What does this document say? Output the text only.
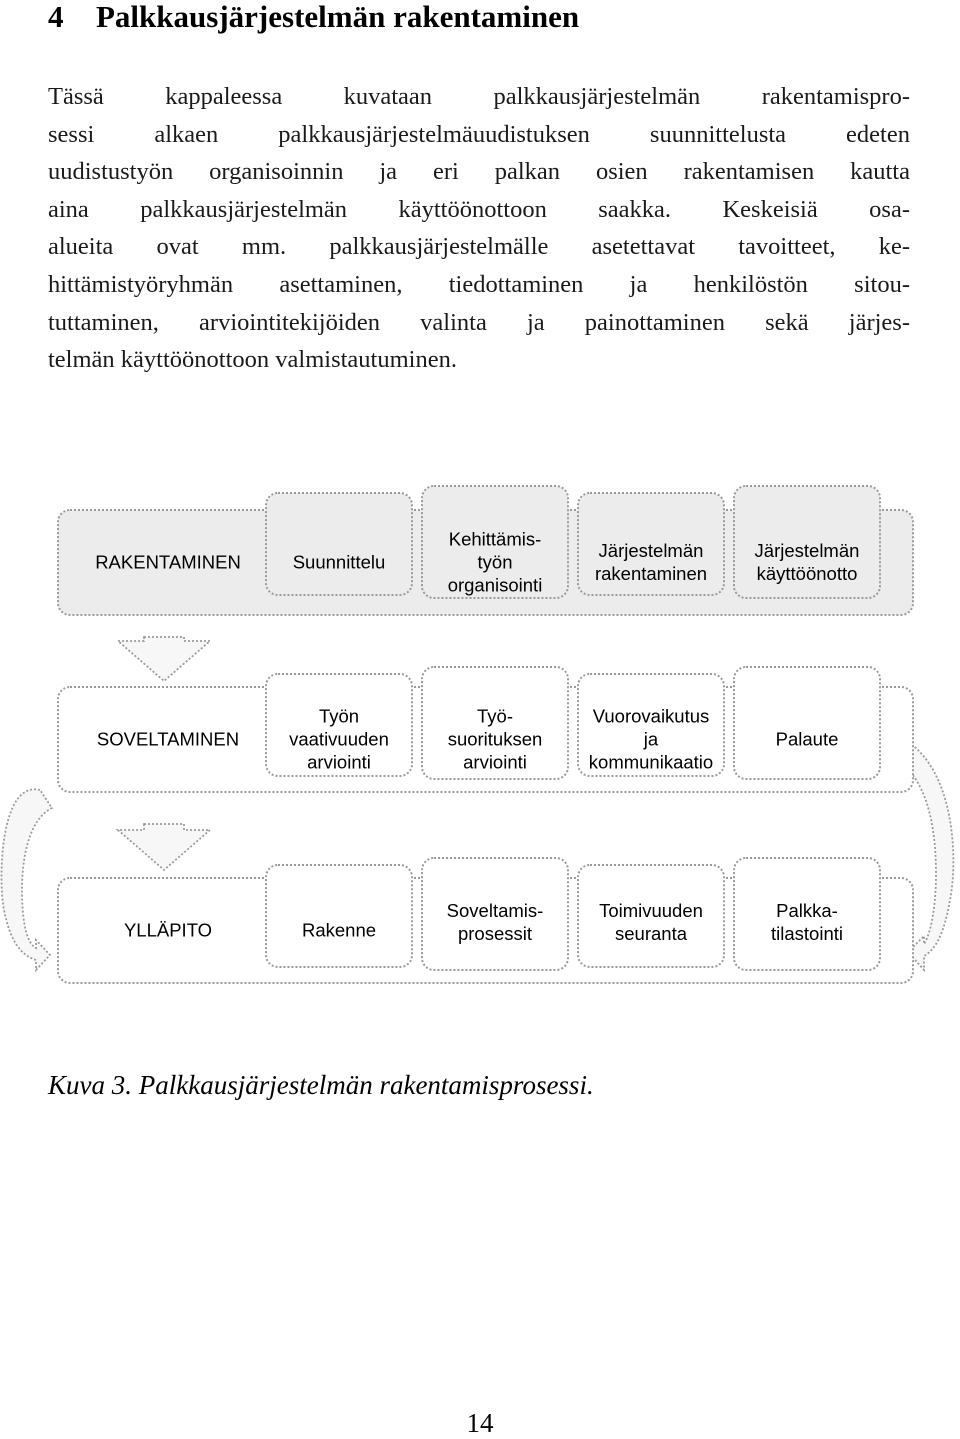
4 Palkkausjärjestelmän rakentaminen
Tässä kappaleessa kuvataan palkkausjärjestelmän rakentamispro-
sessi alkaen palkkausjärjestelmäuudistuksen suunnittelusta edeten
uudistustyön organisoinnin ja eri palkan osien rakentamisen kautta
aina palkkausjärjestelmän käyttöönottoon saakka. Keskeisiä osa-
alueita ovat mm. palkkausjärjestelmälle asetettavat tavoitteet, ke-
hittämistyöryhmän asettaminen, tiedottaminen ja henkilöstön sitou-
tuttaminen, arviointitekijöiden valinta ja painottaminen sekä järjes-
telmän käyttöönottoon valmistautuminen.
RAKENTAMINEN	Suunnittelu
Kehittämis-työn organisointi
Järjestelmän rakentaminen
Järjestelmän käyttöönotto
SOVELTAMINEN
Työn vaativuuden arviointi
Työ-suorituksen arviointi
Vuorovaikutus ja kommunikaatio
Palaute
YLLÄPITO	Rakenne
Soveltamis-prosessit
Toimivuuden seuranta
Palkka-tilastointi
Kuva 3. Palkkausjärjestelmän rakentamisprosessi.
14
